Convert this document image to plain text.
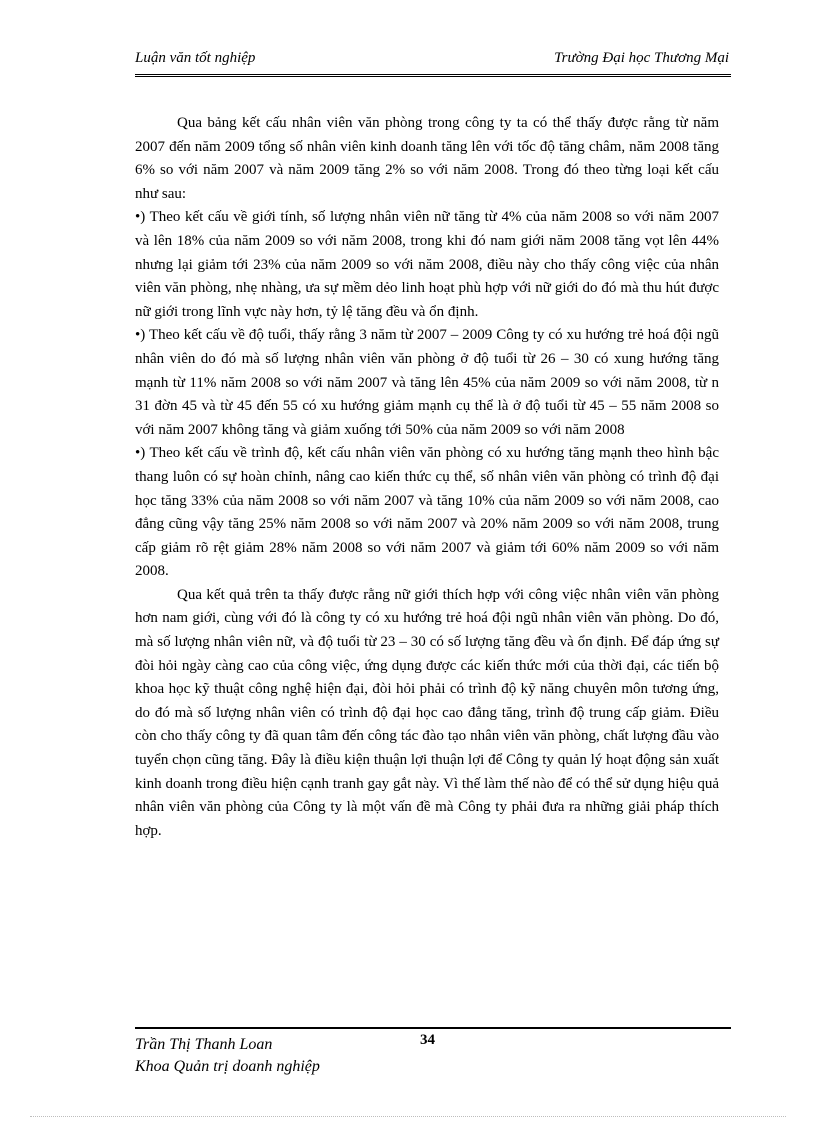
Luận văn tốt nghiệp	Trường Đại học Thương Mại

Qua bảng kết cấu nhân viên văn phòng trong công ty ta có thể thấy được rằng từ năm 2007 đến năm 2009 tổng số nhân viên kinh doanh tăng lên với tốc độ tăng châm, năm 2008 tăng 6% so với năm 2007 và năm 2009 tăng 2% so với năm 2008. Trong đó theo từng loại kết cấu như sau:

•) Theo kết cấu về giới tính, số lượng nhân viên nữ tăng từ 4% của năm 2008 so với năm 2007 và lên 18% của năm 2009 so với năm 2008, trong khi đó nam giới năm 2008 tăng vọt lên 44% nhưng lại giảm tới 23% của năm 2009 so với năm 2008, điều này cho thấy công việc của nhân viên văn phòng, nhẹ nhàng, ưa sự mềm dẻo linh hoạt phù hợp với nữ giới do đó mà thu hút được nữ giới trong lĩnh vực này hơn, tỷ lệ tăng đều và ổn định.

•) Theo kết cấu về độ tuổi, thấy rằng 3 năm từ 2007 – 2009 Công ty có xu hướng trẻ hoá đội ngũ nhân viên do đó mà số lượng nhân viên văn phòng ở độ tuổi từ 26 – 30 có xung hướng tăng mạnh từ 11% năm 2008 so với năm 2007 và tăng lên 45% của năm 2009 so với năm 2008, từ n 31 đờn 45 và từ 45 đến 55 có xu hướng giảm mạnh cụ thể là ở độ tuổi từ 45 – 55 năm 2008 so với năm 2007 không tăng và giảm xuống tới 50% của năm 2009 so với năm 2008

•) Theo kết cấu về trình độ, kết cấu nhân viên văn phòng có xu hướng tăng mạnh theo hình bậc thang luôn có sự hoàn chỉnh, nâng cao kiến thức cụ thể, số nhân viên văn phòng có trình độ đại học tăng 33% của năm 2008 so với năm 2007 và tăng 10% của năm 2009 so với năm 2008, cao đẳng cũng vậy tăng 25% năm 2008 so với năm 2007 và 20% năm 2009 so với năm 2008, trung cấp giảm rõ rệt giảm 28% năm 2008 so với năm 2007 và giảm tới 60% năm 2009 so với năm 2008.

Qua kết quả trên ta thấy được rằng nữ giới thích hợp với công việc nhân viên văn phòng hơn nam giới, cùng với đó là công ty có xu hướng trẻ hoá đội ngũ nhân viên văn phòng. Do đó, mà số lượng nhân viên nữ, và độ tuổi từ 23 – 30 có số lượng tăng đều và ổn định. Để đáp ứng sự đòi hỏi ngày càng cao của công việc, ứng dụng được các kiến thức mới của thời đại, các tiến bộ khoa học kỹ thuật công nghệ hiện đại, đòi hỏi phải có trình độ kỹ năng chuyên môn tương ứng, do đó mà số lượng nhân viên có trình độ đại học cao đẳng tăng, trình độ trung cấp giảm. Điều còn cho thấy công ty đã quan tâm đến công tác đào tạo nhân viên văn phòng, chất lượng đầu vào tuyển chọn cũng tăng. Đây là điều kiện thuận lợi thuận lợi để Công ty quản lý hoạt động sản xuất kinh doanh trong điều hiện cạnh tranh gay gắt này. Vì thế làm thế nào để có thể sử dụng hiệu quả nhân viên văn phòng của Công ty là một vấn đề mà Công ty phải đưa ra những giải pháp thích hợp.

34
Trần Thị Thanh Loan
Khoa Quản trị doanh nghiệp
